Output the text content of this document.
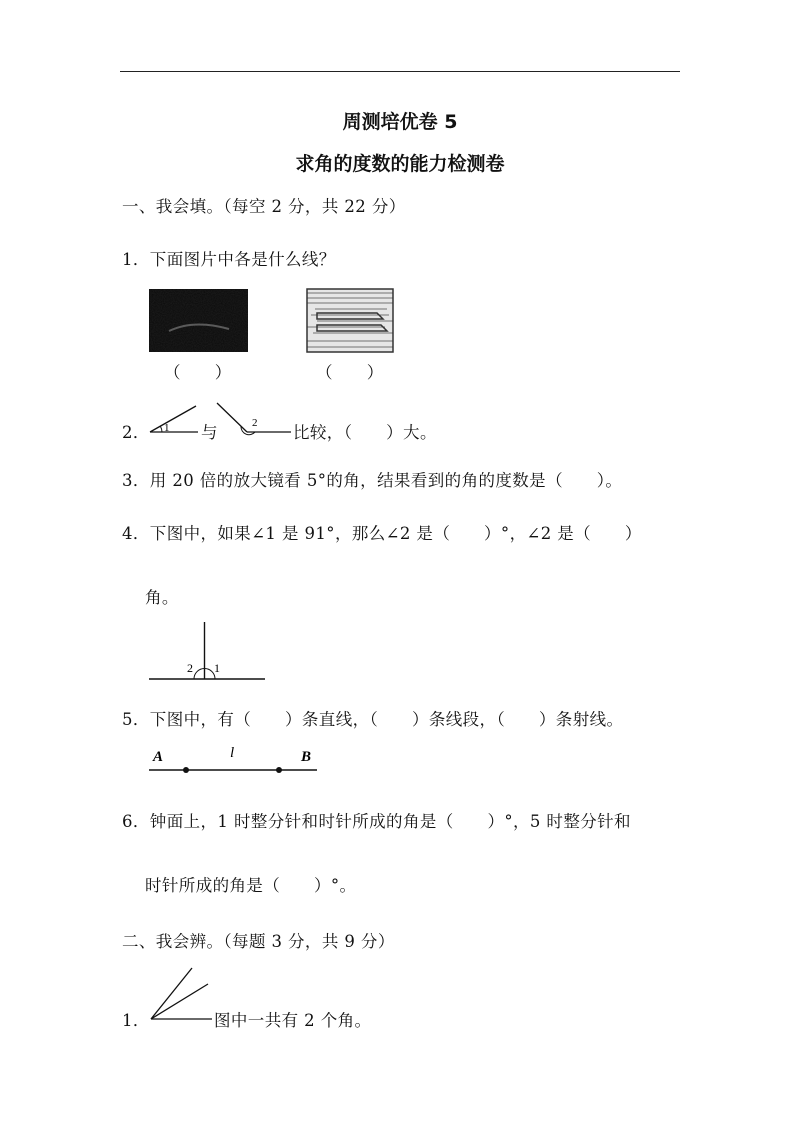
周测培优卷 5
求角的度数的能力检测卷
一、我会填。（每空 2 分，共 22 分）
1．下面图片中各是什么线？
（　　）	（　　）
2． 1 与	2 比较，（　　）大。
3．用 20 倍的放大镜看 5°的角，结果看到的角的度数是（　　）。
4．下图中，如果∠1 是 91°，那么∠2 是（　　）°，∠2 是（　　）
角。
2 1
5．下图中，有（　　）条直线，（　　）条线段，（　　）条射线。
A	l	B
6．钟面上，1 时整分针和时针所成的角是（　　）°，5 时整分针和
时针所成的角是（　　）°。
二、我会辨。（每题 3 分，共 9 分）
1．	图中一共有 2 个角。
